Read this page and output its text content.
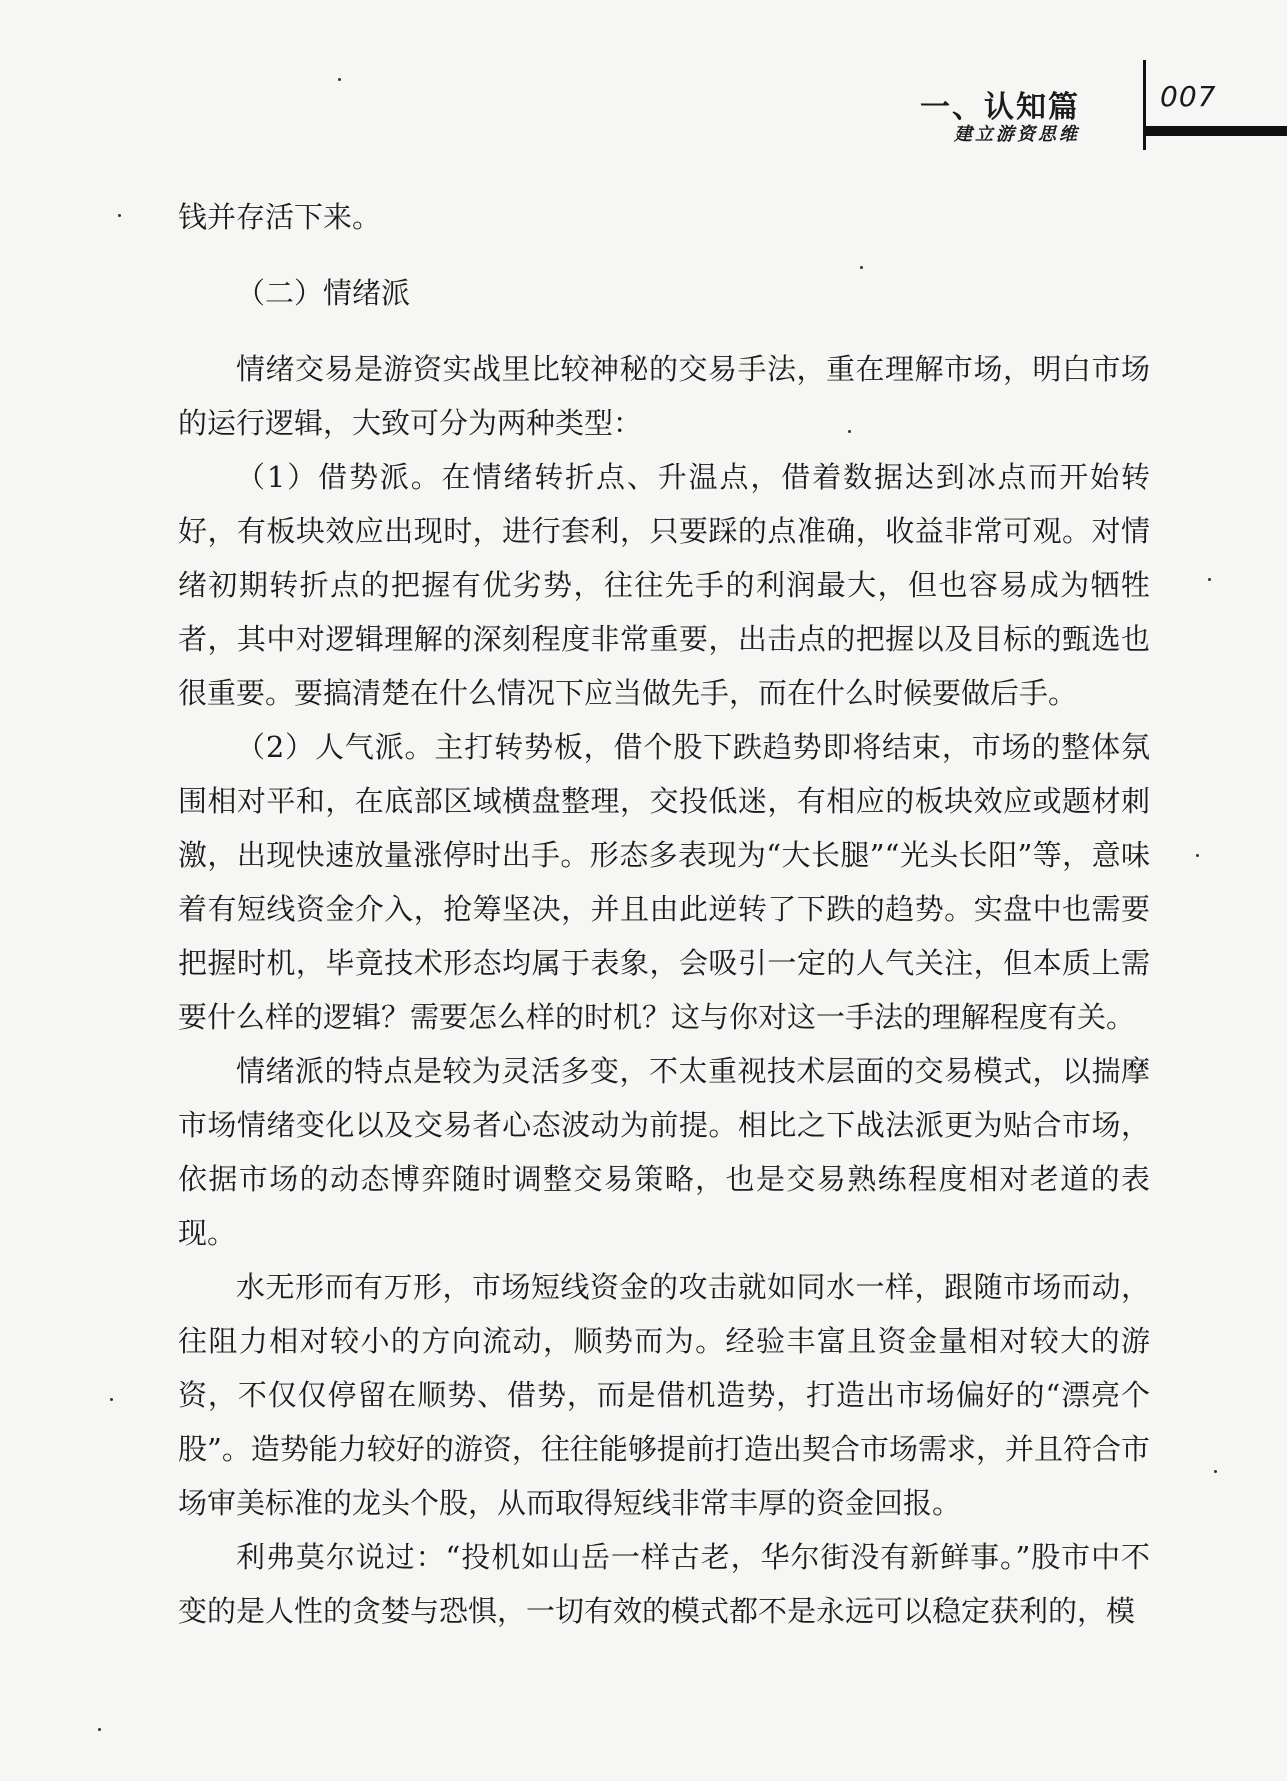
一、认知篇
建立游资思维
007

钱并存活下来。

（二）情绪派

情绪交易是游资实战里比较神秘的交易手法，重在理解市场，明白市场的运行逻辑，大致可分为两种类型：

（1）借势派。在情绪转折点、升温点，借着数据达到冰点而开始转好，有板块效应出现时，进行套利，只要踩的点准确，收益非常可观。对情绪初期转折点的把握有优劣势，往往先手的利润最大，但也容易成为牺牲者，其中对逻辑理解的深刻程度非常重要，出击点的把握以及目标的甄选也很重要。要搞清楚在什么情况下应当做先手，而在什么时候要做后手。

（2）人气派。主打转势板，借个股下跌趋势即将结束，市场的整体氛围相对平和，在底部区域横盘整理，交投低迷，有相应的板块效应或题材刺激，出现快速放量涨停时出手。形态多表现为“大长腿”“光头长阳”等，意味着有短线资金介入，抢筹坚决，并且由此逆转了下跌的趋势。实盘中也需要把握时机，毕竟技术形态均属于表象，会吸引一定的人气关注，但本质上需要什么样的逻辑？需要怎么样的时机？这与你对这一手法的理解程度有关。

情绪派的特点是较为灵活多变，不太重视技术层面的交易模式，以揣摩市场情绪变化以及交易者心态波动为前提。相比之下战法派更为贴合市场，依据市场的动态博弈随时调整交易策略，也是交易熟练程度相对老道的表现。

水无形而有万形，市场短线资金的攻击就如同水一样，跟随市场而动，往阻力相对较小的方向流动，顺势而为。经验丰富且资金量相对较大的游资，不仅仅停留在顺势、借势，而是借机造势，打造出市场偏好的“漂亮个股”。造势能力较好的游资，往往能够提前打造出契合市场需求，并且符合市场审美标准的龙头个股，从而取得短线非常丰厚的资金回报。

利弗莫尔说过：“投机如山岳一样古老，华尔街没有新鲜事。”股市中不变的是人性的贪婪与恐惧，一切有效的模式都不是永远可以稳定获利的，模
